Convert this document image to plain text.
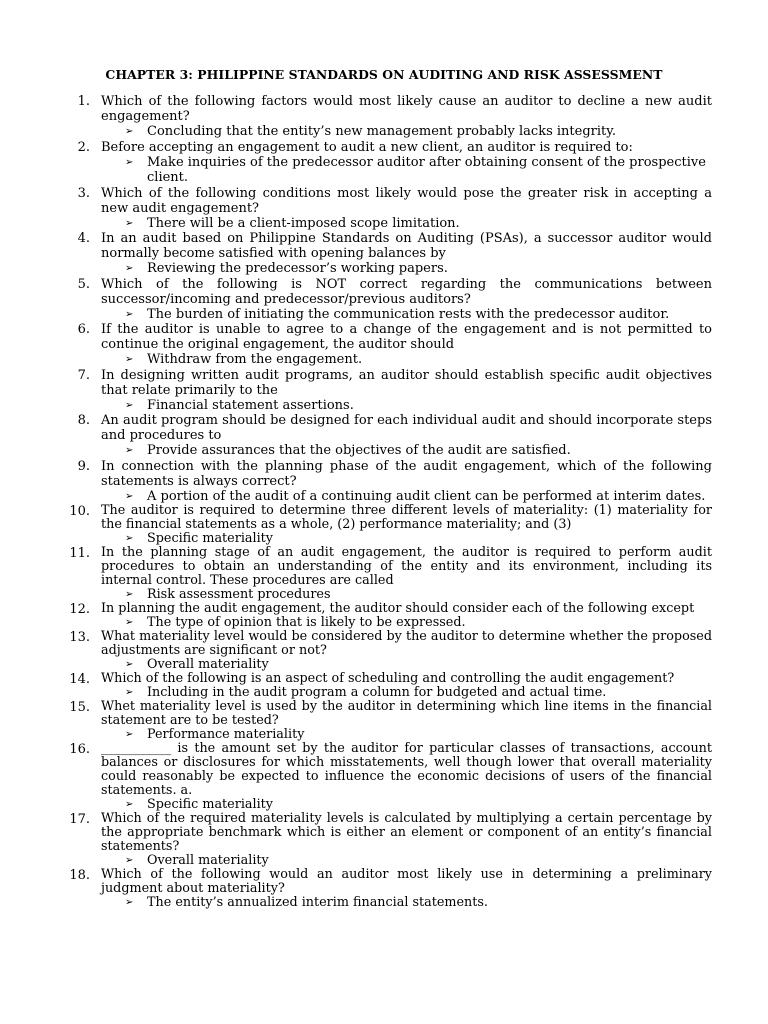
CHAPTER 3: PHILIPPINE STANDARDS ON AUDITING AND RISK ASSESSMENT
1. Which of the following factors would most likely cause an auditor to decline a new audit engagement?
➢ Concluding that the entity’s new management probably lacks integrity.
2. Before accepting an engagement to audit a new client, an auditor is required to:
➢ Make inquiries of the predecessor auditor after obtaining consent of the prospective client.
3. Which of the following conditions most likely would pose the greater risk in accepting a new audit engagement?
➢ There will be a client-imposed scope limitation.
4. In an audit based on Philippine Standards on Auditing (PSAs), a successor auditor would normally become satisfied with opening balances by
➢ Reviewing the predecessor’s working papers.
5. Which of the following is NOT correct regarding the communications between successor/incoming and predecessor/previous auditors?
➢ The burden of initiating the communication rests with the predecessor auditor.
6. If the auditor is unable to agree to a change of the engagement and is not permitted to continue the original engagement, the auditor should
➢ Withdraw from the engagement.
7. In designing written audit programs, an auditor should establish specific audit objectives that relate primarily to the
➢ Financial statement assertions.
8. An audit program should be designed for each individual audit and should incorporate steps and procedures to
➢ Provide assurances that the objectives of the audit are satisfied.
9. In connection with the planning phase of the audit engagement, which of the following statements is always correct?
➢ A portion of the audit of a continuing audit client can be performed at interim dates.
10. The auditor is required to determine three different levels of materiality: (1) materiality for the financial statements as a whole, (2) performance materiality; and (3)
➢ Specific materiality
11. In the planning stage of an audit engagement, the auditor is required to perform audit procedures to obtain an understanding of the entity and its environment, including its internal control. These procedures are called
➢ Risk assessment procedures
12. In planning the audit engagement, the auditor should consider each of the following except
➢ The type of opinion that is likely to be expressed.
13. What materiality level would be considered by the auditor to determine whether the proposed adjustments are significant or not?
➢ Overall materiality
14. Which of the following is an aspect of scheduling and controlling the audit engagement?
➢ Including in the audit program a column for budgeted and actual time.
15. Whet materiality level is used by the auditor in determining which line items in the financial statement are to be tested?
➢ Performance materiality
16. ___________ is the amount set by the auditor for particular classes of transactions, account balances or disclosures for which misstatements, well though lower that overall materiality could reasonably be expected to influence the economic decisions of users of the financial statements. a.
➢ Specific materiality
17. Which of the required materiality levels is calculated by multiplying a certain percentage by the appropriate benchmark which is either an element or component of an entity’s financial statements?
➢ Overall materiality
18. Which of the following would an auditor most likely use in determining a preliminary judgment about materiality?
➢ The entity’s annualized interim financial statements.
